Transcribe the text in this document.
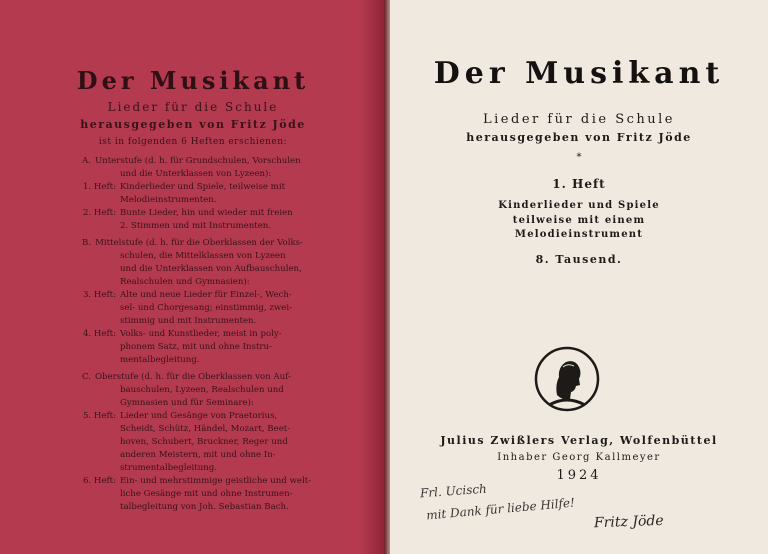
Der Musikant
Lieder für die Schule
herausgegeben von Fritz Jöde
ist in folgenden 6 Heften erschienen:
A. Unterstufe (d. h. für Grundschulen, Vorschulen
und die Unterklassen von Lyzeen):
1. Heft: Kinderlieder und Spiele, teilweise mit
Melodieinstrumenten.
2. Heft: Bunte Lieder, hin und wieder mit freien
2. Stimmen und mit Instrumenten.
B. Mittelstufe (d. h. für die Oberklassen der Volks-
schulen, die Mittelklassen von Lyzeen
und die Unterklassen von Aufbauschulen,
Realschulen und Gymnasien):
3. Heft: Alte und neue Lieder für Einzel-, Wech-
sel- und Chorgesang; einstimmig, zwei-
stimmig und mit Instrumenten.
4. Heft: Volks- und Kunstlieder, meist in poly-
phonem Satz, mit und ohne Instru-
mentalbegleitung.
C. Oberstufe (d. h. für die Oberklassen von Auf-
bauschulen, Lyzeen, Realschulen und
Gymnasien und für Seminare):
5. Heft: Lieder und Gesänge von Praetorius,
Scheidt, Schütz, Händel, Mozart, Beet-
hoven, Schubert, Bruckner, Reger und
anderen Meistern, mit und ohne In-
strumentalbegleitung.
6. Heft: Ein- und mehrstimmige geistliche und welt-
liche Gesänge mit und ohne Instrumen-
talbegleitung von Joh. Sebastian Bach.
Der Musikant
Lieder für die Schule
herausgegeben von Fritz Jöde
*
1. Heft
Kinderlieder und Spiele
teilweise mit einem
Melodieinstrument
8. Tausend.
Julius Zwißlers Verlag, Wolfenbüttel
Inhaber Georg Kallmeyer
1924
Frl. Ucisch
mit Dank für liebe Hilfe! Fritz Jöde
